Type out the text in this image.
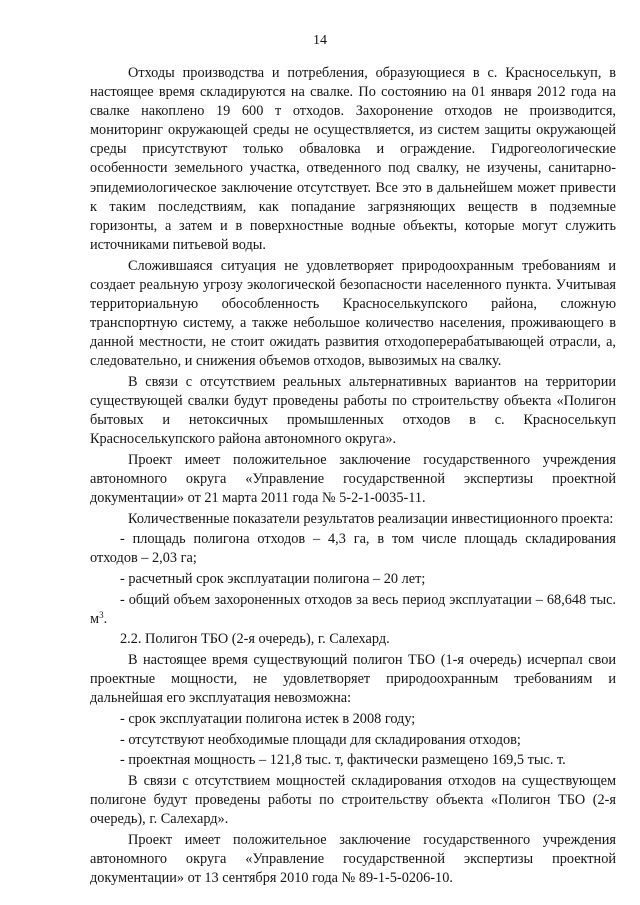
14

Отходы производства и потребления, образующиеся в с. Красноселькуп, в настоящее время складируются на свалке. По состоянию на 01 января 2012 года на свалке накоплено 19 600 т отходов. Захоронение отходов не производится, мониторинг окружающей среды не осуществляется, из систем защиты окружающей среды присутствуют только обваловка и ограждение. Гидрогеологические особенности земельного участка, отведенного под свалку, не изучены, санитарно-эпидемиологическое заключение отсутствует. Все это в дальнейшем может привести к таким последствиям, как попадание загрязняющих веществ в подземные горизонты, а затем и в поверхностные водные объекты, которые могут служить источниками питьевой воды.

Сложившаяся ситуация не удовлетворяет природоохранным требованиям и создает реальную угрозу экологической безопасности населенного пункта. Учитывая территориальную обособленность Красноселькупского района, сложную транспортную систему, а также небольшое количество населения, проживающего в данной местности, не стоит ожидать развития отходоперерабатывающей отрасли, а, следовательно, и снижения объемов отходов, вывозимых на свалку.

В связи с отсутствием реальных альтернативных вариантов на территории существующей свалки будут проведены работы по строительству объекта «Полигон бытовых и нетоксичных промышленных отходов в с. Красноселькуп Красноселькупского района автономного округа».

Проект имеет положительное заключение государственного учреждения автономного округа «Управление государственной экспертизы проектной документации» от 21 марта 2011 года № 5-2-1-0035-11.

Количественные показатели результатов реализации инвестиционного проекта:

- площадь полигона отходов – 4,3 га, в том числе площадь складирования отходов – 2,03 га;

- расчетный срок эксплуатации полигона – 20 лет;

- общий объем захороненных отходов за весь период эксплуатации – 68,648 тыс. $м^3$.

2.2. Полигон ТБО (2-я очередь), г. Салехард.

В настоящее время существующий полигон ТБО (1-я очередь) исчерпал свои проектные мощности, не удовлетворяет природоохранным требованиям и дальнейшая его эксплуатация невозможна:

- срок эксплуатации полигона истек в 2008 году;

- отсутствуют необходимые площади для складирования отходов;

- проектная мощность – 121,8 тыс. т, фактически размещено 169,5 тыс. т.

В связи с отсутствием мощностей складирования отходов на существующем полигоне будут проведены работы по строительству объекта «Полигон ТБО (2-я очередь), г. Салехард».

Проект имеет положительное заключение государственного учреждения автономного округа «Управление государственной экспертизы проектной документации» от 13 сентября 2010 года № 89-1-5-0206-10.
